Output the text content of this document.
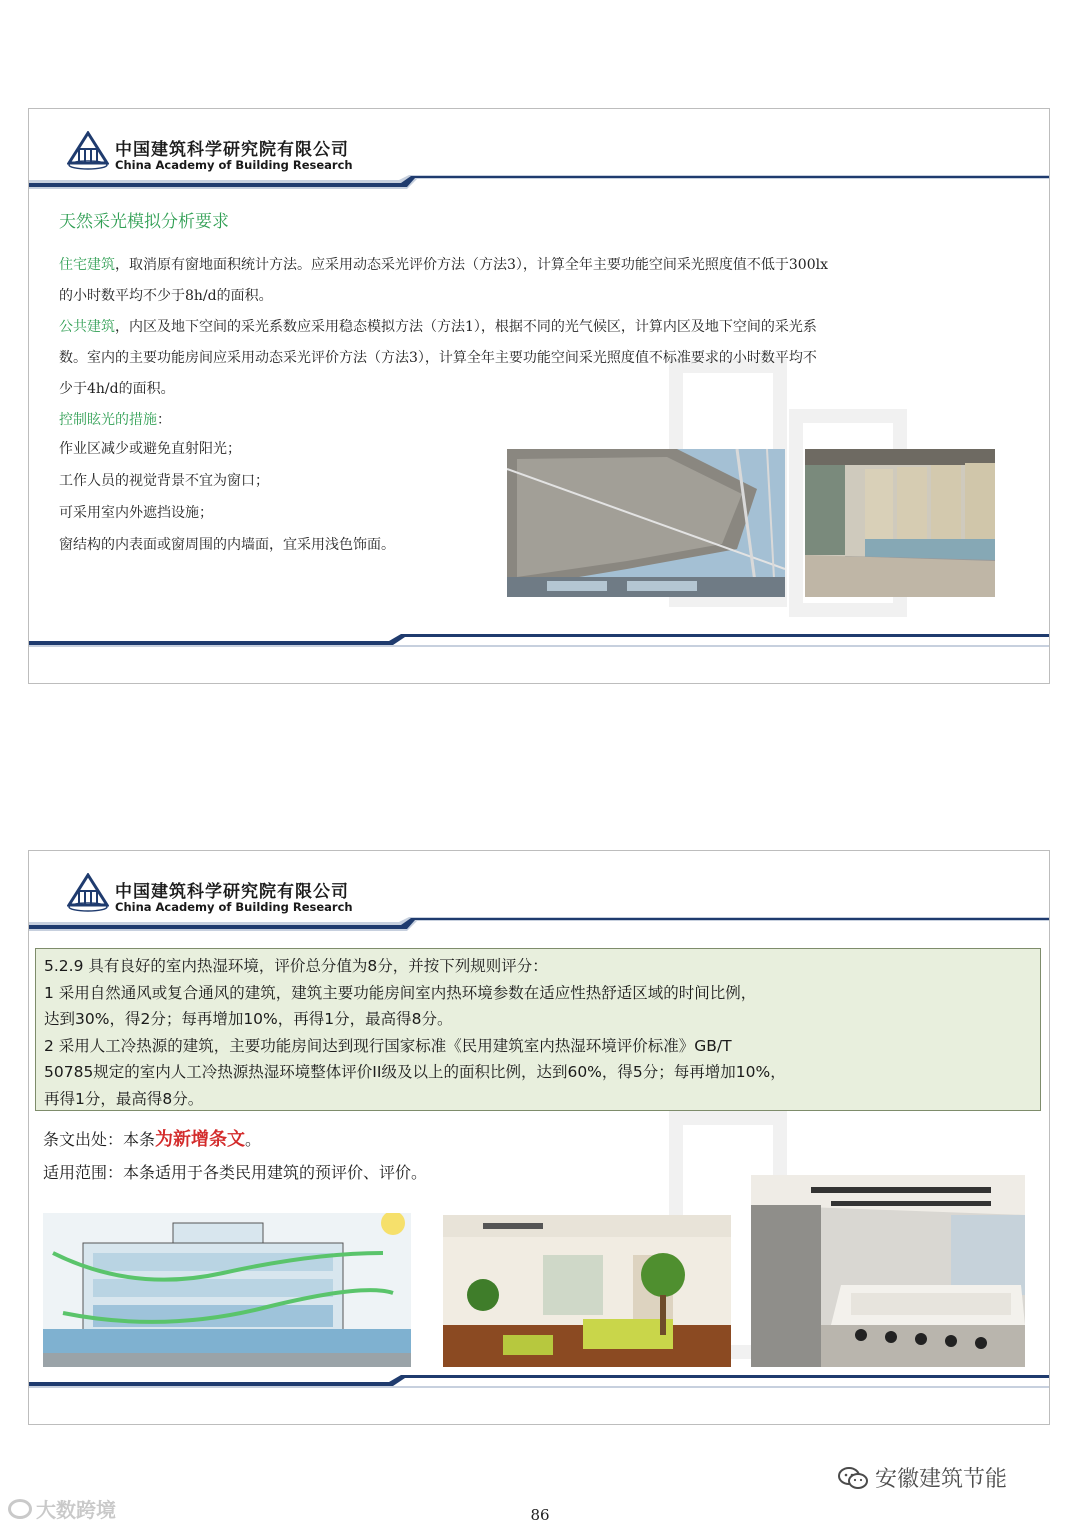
中国建筑科学研究院有限公司
China Academy of Building Research
天然采光模拟分析要求
住宅建筑，取消原有窗地面积统计方法。应采用动态采光评价方法（方法3），计算全年主要功能空间采光照度值不低于300lx
的小时数平均不少于8h/d的面积。
公共建筑，内区及地下空间的采光系数应采用稳态模拟方法（方法1），根据不同的光气候区，计算内区及地下空间的采光系
数。室内的主要功能房间应采用动态采光评价方法（方法3），计算全年主要功能空间采光照度值不标准要求的小时数平均不
少于4h/d的面积。
控制眩光的措施：
作业区减少或避免直射阳光；
工作人员的视觉背景不宜为窗口；
可采用室内外遮挡设施；
窗结构的内表面或窗周围的内墙面，宜采用浅色饰面。
中国建筑科学研究院有限公司
China Academy of Building Research
5.2.9 具有良好的室内热湿环境，评价总分值为8分，并按下列规则评分：
1 采用自然通风或复合通风的建筑，建筑主要功能房间室内热环境参数在适应性热舒适区域的时间比例，
达到30%，得2分；每再增加10%，再得1分，最高得8分。
2 采用人工冷热源的建筑，主要功能房间达到现行国家标准《民用建筑室内热湿环境评价标准》GB/T
50785规定的室内人工冷热源热湿环境整体评价II级及以上的面积比例，达到60%，得5分；每再增加10%，
再得1分，最高得8分。
条文出处：本条为新增条文。
适用范围：本条适用于各类民用建筑的预评价、评价。
安徽建筑节能
大数跨境	86
